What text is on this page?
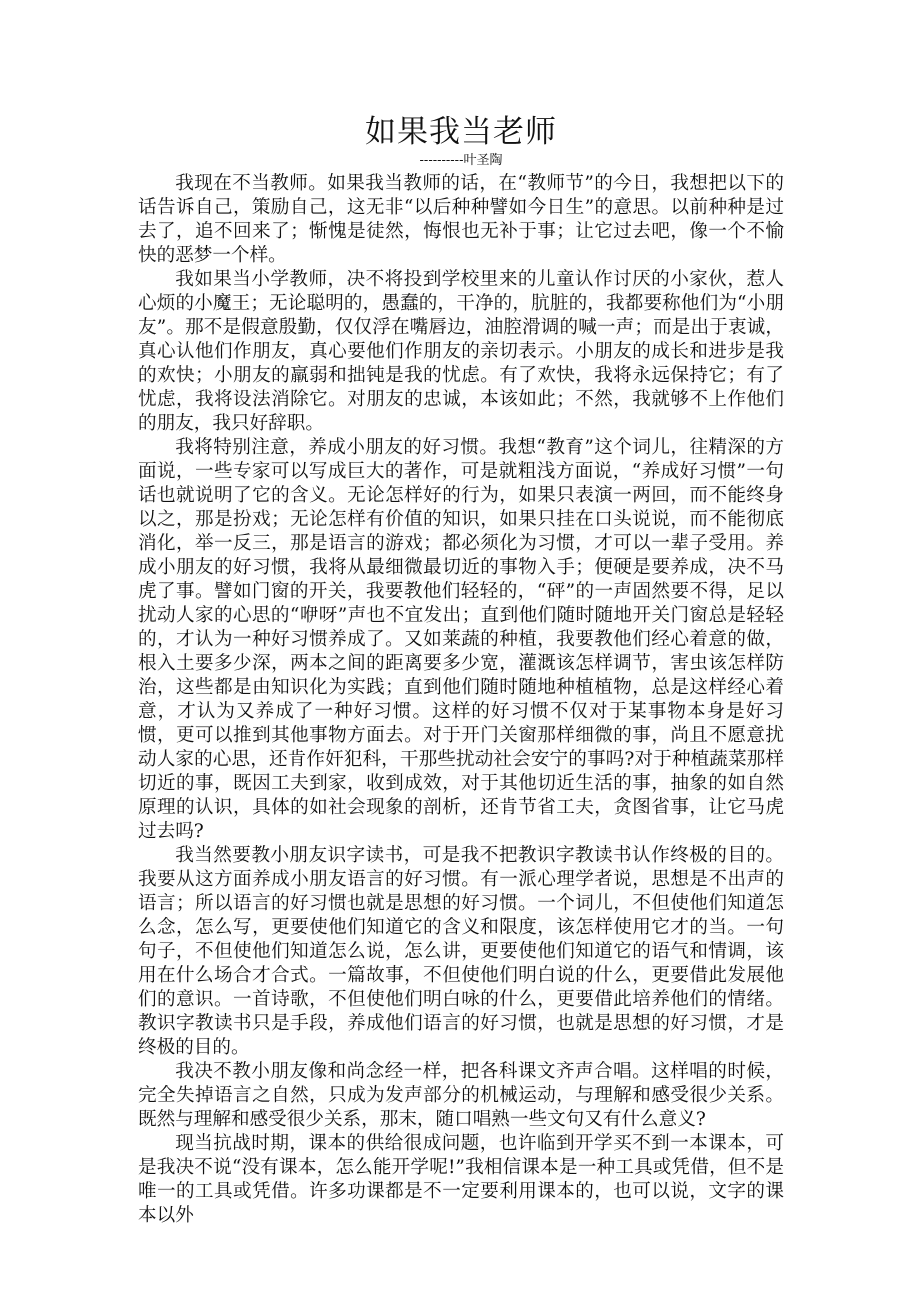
如果我当老师
----------叶圣陶

我现在不当教师。如果我当教师的话，在“教师节”的今日，我想把以下的话告诉自己，策励自己，这无非“以后种种譬如今日生”的意思。以前种种是过去了，追不回来了；惭愧是徒然，悔恨也无补于事；让它过去吧，像一个不愉快的恶梦一个样。

我如果当小学教师，决不将投到学校里来的儿童认作讨厌的小家伙，惹人心烦的小魔王；无论聪明的，愚蠢的，干净的，肮脏的，我都要称他们为“小朋友”。那不是假意殷勤，仅仅浮在嘴唇边，油腔滑调的喊一声；而是出于衷诚，真心认他们作朋友，真心要他们作朋友的亲切表示。小朋友的成长和进步是我的欢快；小朋友的羸弱和拙钝是我的忧虑。有了欢快，我将永远保持它；有了忧虑，我将设法消除它。对朋友的忠诚，本该如此；不然，我就够不上作他们的朋友，我只好辞职。

我将特别注意，养成小朋友的好习惯。我想“教育”这个词儿，往精深的方面说，一些专家可以写成巨大的著作，可是就粗浅方面说，“养成好习惯”一句话也就说明了它的含义。无论怎样好的行为，如果只表演一两回，而不能终身以之，那是扮戏；无论怎样有价值的知识，如果只挂在口头说说，而不能彻底消化，举一反三，那是语言的游戏；都必须化为习惯，才可以一辈子受用。养成小朋友的好习惯，我将从最细微最切近的事物入手；便硬是要养成，决不马虎了事。譬如门窗的开关，我要教他们轻轻的，“砰”的一声固然要不得，足以扰动人家的心思的“咿呀”声也不宜发出；直到他们随时随地开关门窗总是轻轻的，才认为一种好习惯养成了。又如莱蔬的种植，我要教他们经心着意的做，根入土要多少深，两本之间的距离要多少宽，灌溉该怎样调节，害虫该怎样防治，这些都是由知识化为实践；直到他们随时随地种植植物，总是这样经心着意，才认为又养成了一种好习惯。这样的好习惯不仅对于某事物本身是好习惯，更可以推到其他事物方面去。对于开门关窗那样细微的事，尚且不愿意扰动人家的心思，还肯作奸犯科，干那些扰动社会安宁的事吗?对于种植蔬菜那样切近的事，既因工夫到家，收到成效，对于其他切近生活的事，抽象的如自然原理的认识，具体的如社会现象的剖析，还肯节省工夫，贪图省事，让它马虎过去吗?

我当然要教小朋友识字读书，可是我不把教识字教读书认作终极的目的。我要从这方面养成小朋友语言的好习惯。有一派心理学者说，思想是不出声的语言；所以语言的好习惯也就是思想的好习惯。一个词儿，不但使他们知道怎么念，怎么写，更要使他们知道它的含义和限度，该怎样使用它才的当。一句句子，不但使他们知道怎么说，怎么讲，更要使他们知道它的语气和情调，该用在什么场合才合式。一篇故事，不但使他们明白说的什么，更要借此发展他们的意识。一首诗歌，不但使他们明白咏的什么，更要借此培养他们的情绪。教识字教读书只是手段，养成他们语言的好习惯，也就是思想的好习惯，才是终极的目的。

我决不教小朋友像和尚念经一样，把各科课文齐声合唱。这样唱的时候，完全失掉语言之自然，只成为发声部分的机械运动，与理解和感受很少关系。既然与理解和感受很少关系，那末，随口唱熟一些文句又有什么意义?

现当抗战时期，课本的供给很成问题，也许临到开学买不到一本课本，可是我决不说“没有课本，怎么能开学呢!”我相信课本是一种工具或凭借，但不是唯一的工具或凭借。许多功课都是不一定要利用课本的，也可以说，文字的课本以外
